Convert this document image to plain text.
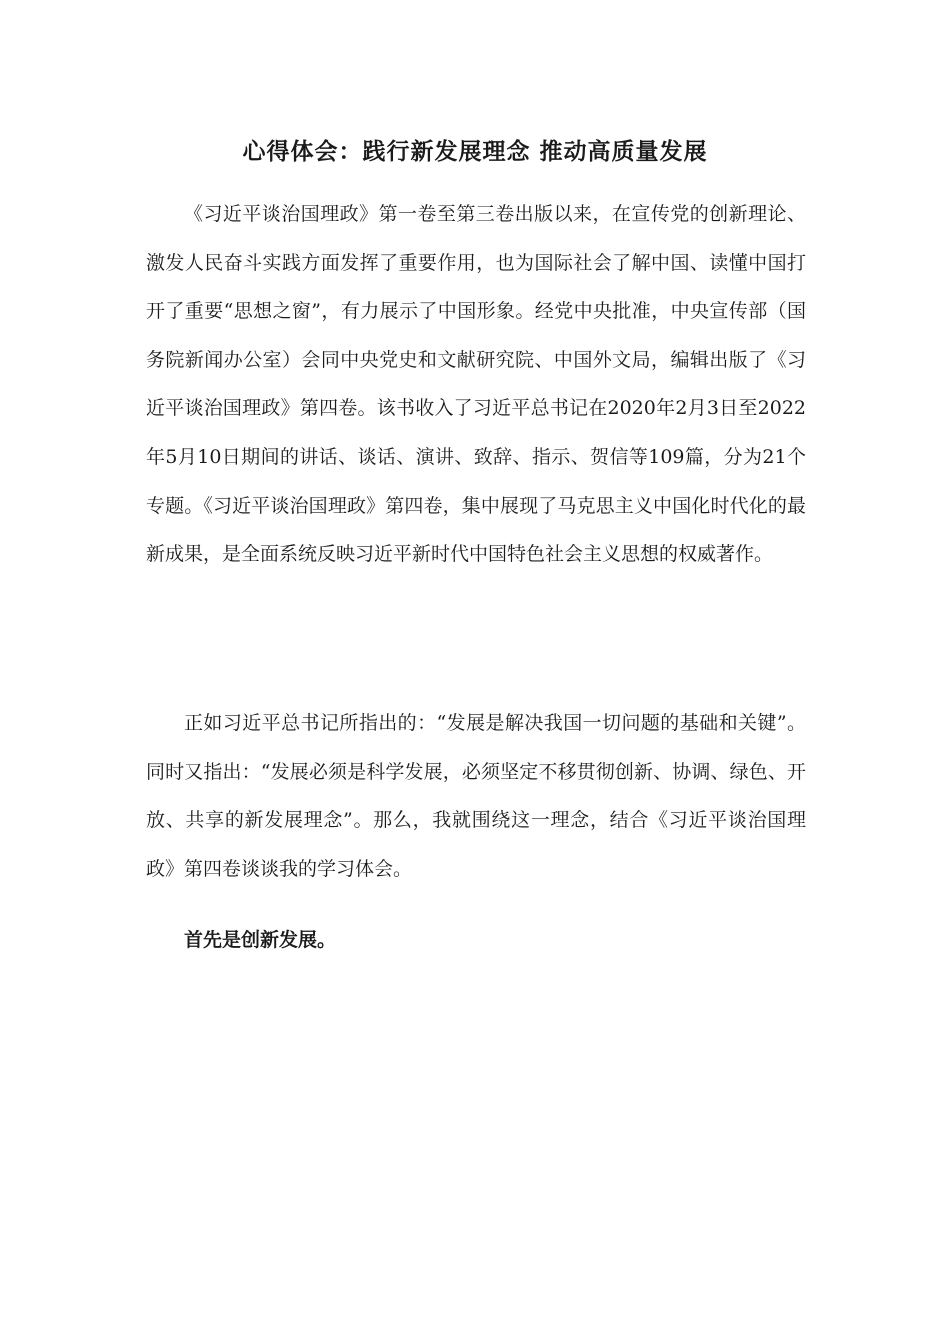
心得体会：践行新发展理念 推动高质量发展

《习近平谈治国理政》第一卷至第三卷出版以来，在宣传党的创新理论、激发人民奋斗实践方面发挥了重要作用，也为国际社会了解中国、读懂中国打开了重要“思想之窗”，有力展示了中国形象。经党中央批准，中央宣传部（国务院新闻办公室）会同中央党史和文献研究院、中国外文局，编辑出版了《习近平谈治国理政》第四卷。该书收入了习近平总书记在2020年2月3日至2022年5月10日期间的讲话、谈话、演讲、致辞、指示、贺信等109篇，分为21个专题。《习近平谈治国理政》第四卷，集中展现了马克思主义中国化时代化的最新成果，是全面系统反映习近平新时代中国特色社会主义思想的权威著作。

正如习近平总书记所指出的：“发展是解决我国一切问题的基础和关键”。同时又指出：“发展必须是科学发展，必须坚定不移贯彻创新、协调、绿色、开放、共享的新发展理念”。那么，我就围绕这一理念，结合《习近平谈治国理政》第四卷谈谈我的学习体会。

首先是创新发展。
